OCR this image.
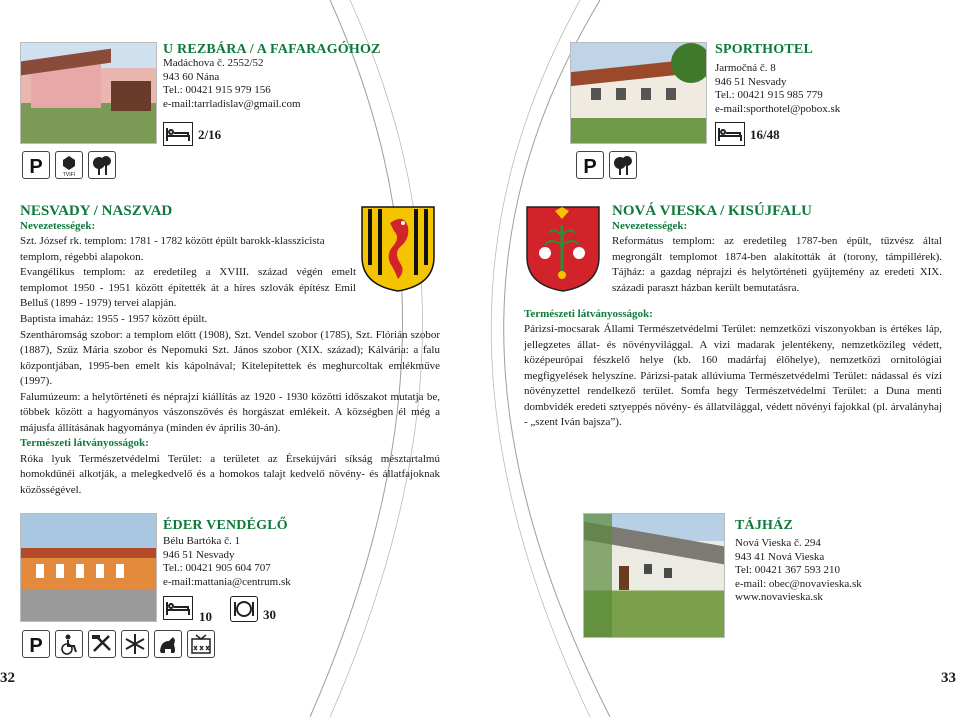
U REZBÁRA / A FAFARAGÓHOZ
Madáchova č. 2552/52
943 60 Nána
Tel.: 00421 915 979 156
e-mail:tarrladislav@gmail.com
2/16
P	TVIFI
SPORTHOTEL
Jarmočná č. 8
946 51 Nesvady
Tel.: 00421 915 985 779
e-mail:sporthotel@pobox.sk
16/48
P
NESVADY / NASZVAD
Nevezetességek:
Szt. József rk. templom: 1781 - 1782 között épült barokk-klasszicista
templom, régebbi alapokon.
Evangélikus templom: az eredetileg a XVIII. század végén emelt templomot 1950 - 1951 között építették át a híres szlovák építész Emil Belluš (1899 - 1979) tervei alapján.
Baptista imaház: 1955 - 1957 között épült.
Szentháromság szobor: a templom előtt (1908), Szt. Vendel szobor (1785), Szt. Flórián szobor (1887), Szűz Mária szobor és Nepomuki Szt. János szobor (XIX. század); Kálvária: a falu központjában, 1995-ben emelt kis kápolnával; Kitelepítettek és meghurcoltak emlékműve (1997).
Falumúzeum: a helytörténeti és néprajzi kiállítás az 1920 - 1930 közötti időszakot mutatja be, többek között a hagyományos vászonszövés és horgászat emlékeit. A községben él még a májusfa állításának hagyománya (minden év április 30-án).
Természeti látványosságok:
Róka lyuk Természetvédelmi Terület: a területet az Érsekújvári síkság mésztartalmú homokdűnéi alkotják, a melegkedvelő és a homokos talajt kedvelő növény- és állatfajoknak közösségével.
NOVÁ VIESKA / KISÚJFALU
Nevezetességek:
Református templom: az eredetileg 1787-ben épült, tűzvész által megrongált templomot 1874-ben alakították át (torony, támpillérek). Tájház: a gazdag néprajzi és helytörténeti gyűjtemény az eredeti XIX. századi paraszt házban került bemutatásra.
Természeti látványosságok:
Párizsi-mocsarak Állami Természetvédelmi Terület: nemzetközi viszonyokban is értékes láp, jellegzetes állat- és növényvilággal. A vizi madarak jelentékeny, nemzetközileg védett, középeurópai fészkelő helye (kb. 160 madárfaj élőhelye), nemzetközi ornitológiai megfigyelések helyszíne. Párizsi-patak allúviuma Természetvédelmi Terület: nádassal és vízi növényzettel rendelkező terület. Somfa hegy Természetvédelmi Terület: a Duna menti dombvidék eredeti sztyeppés növény- és állatvilággal, védett növényi fajokkal (pl. árvalányhaj - „szent Iván bajsza”).
ÉDER VENDÉGLŐ
Bélu Bartóka č. 1
946 51 Nesvady
Tel.: 00421 905 604 707
e-mail:mattania@centrum.sk
10	30
P
TÁJHÁZ
Nová Vieska č. 294
943 41 Nová Vieska
Tel: 00421 367 593 210
e-mail: obec@novavieska.sk
www.novavieska.sk
32	33
